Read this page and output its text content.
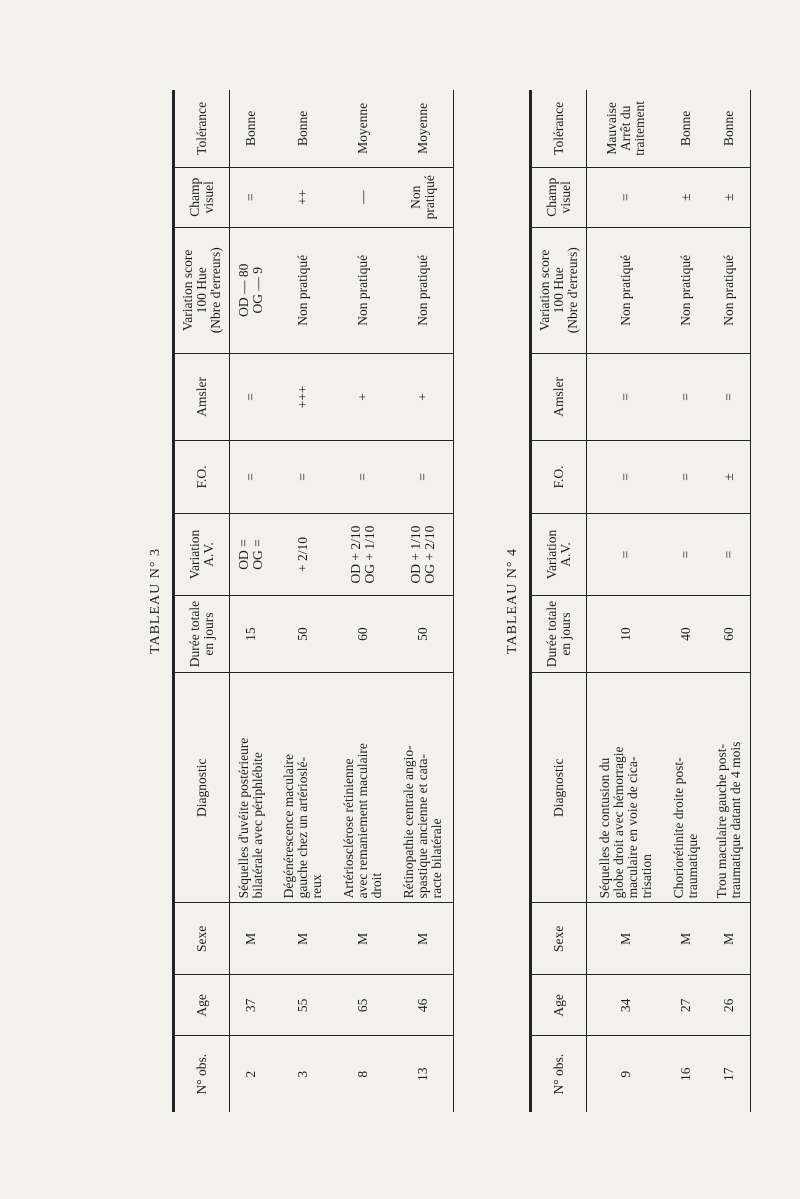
TABLEAU N° 3
N° obs.	Age	Sexe	Diagnostic	Durée totale en jours	Variation A.V.	F.O.	Amsler	Variation score 100 Hue (Nbre d'erreurs)	Champ visuel	Tolérance
2	37	M	Séquelles d'uvéite postérieure bilatérale avec périphlébite	15	OD = OG =	=	=	OD — 80 OG — 9	=	Bonne

3	55	M	Dégénérescence maculaire gauche chez un artérioslé- reux	50	+ 2/10	=	+++	Non pratiqué	++	Bonne

8	65	M	Artériosclérose rétinienne avec remaniement maculaire droit	60	OD + 2/10 OG + 1/10	=	+	Non pratiqué	—	Moyenne

13	46	M	Rétinopathie centrale angio- spastique ancienne et cata- racte bilatérale	50	OD + 1/10 OG + 2/10	=	+	Non pratiqué	Non pratiqué	Moyenne
TABLEAU N° 4
N° obs.	Age	Sexe	Diagnostic	Durée totale en jours	Variation A.V.	F.O.	Amsler	Variation score 100 Hue (Nbre d'erreurs)	Champ visuel	Tolérance
9	34	M	Séquelles de contusion du globe droit avec hémorragie maculaire en voie de cica- trisation	10	=	=	=	Non pratiqué	=	Mauvaise Arrêt du traitement

16	27	M	Choriorétinite droite post- traumatique	40	=	=	=	Non pratiqué	±	Bonne

17	26	M	Trou maculaire gauche post- traumatique datant de 4 mois	60	=	±	=	Non pratiqué	±	Bonne
